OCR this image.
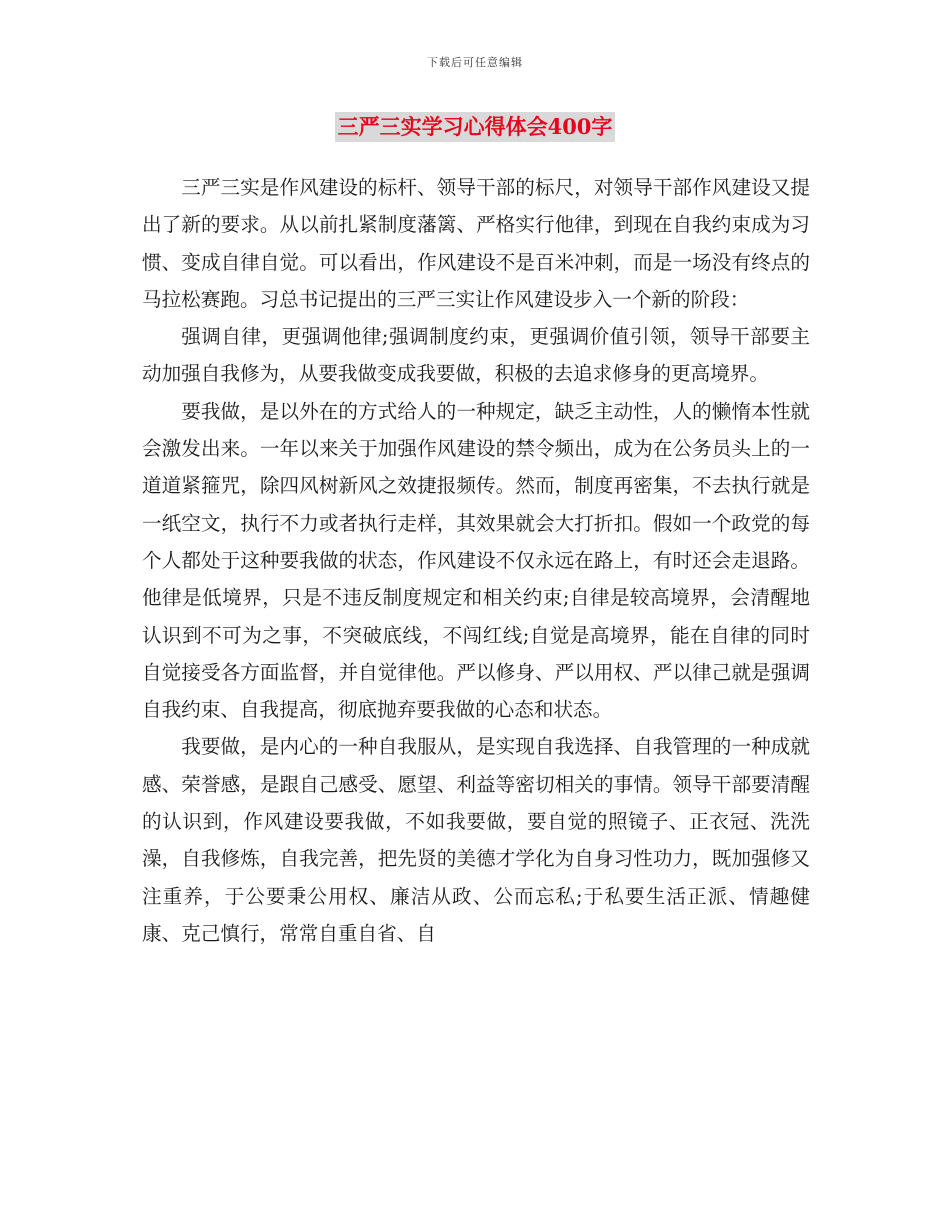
下载后可任意编辑
三严三实学习心得体会400字

三严三实是作风建设的标杆、领导干部的标尺，对领导干部作风建设又提出了新的要求。从以前扎紧制度藩篱、严格实行他律，到现在自我约束成为习惯、变成自律自觉。可以看出，作风建设不是百米冲刺，而是一场没有终点的马拉松赛跑。习总书记提出的三严三实让作风建设步入一个新的阶段：

强调自律，更强调他律;强调制度约束，更强调价值引领，领导干部要主动加强自我修为，从要我做变成我要做，积极的去追求修身的更高境界。

要我做，是以外在的方式给人的一种规定，缺乏主动性，人的懒惰本性就会激发出来。一年以来关于加强作风建设的禁令频出，成为在公务员头上的一道道紧箍咒，除四风树新风之效捷报频传。然而，制度再密集，不去执行就是一纸空文，执行不力或者执行走样，其效果就会大打折扣。假如一个政党的每个人都处于这种要我做的状态，作风建设不仅永远在路上，有时还会走退路。他律是低境界，只是不违反制度规定和相关约束;自律是较高境界，会清醒地认识到不可为之事，不突破底线，不闯红线;自觉是高境界，能在自律的同时自觉接受各方面监督，并自觉律他。严以修身、严以用权、严以律己就是强调自我约束、自我提高，彻底抛弃要我做的心态和状态。

我要做，是内心的一种自我服从，是实现自我选择、自我管理的一种成就感、荣誉感，是跟自己感受、愿望、利益等密切相关的事情。领导干部要清醒的认识到，作风建设要我做，不如我要做，要自觉的照镜子、正衣冠、洗洗澡，自我修炼，自我完善，把先贤的美德才学化为自身习性功力，既加强修又注重养，于公要秉公用权、廉洁从政、公而忘私;于私要生活正派、情趣健康、克己慎行，常常自重自省、自
